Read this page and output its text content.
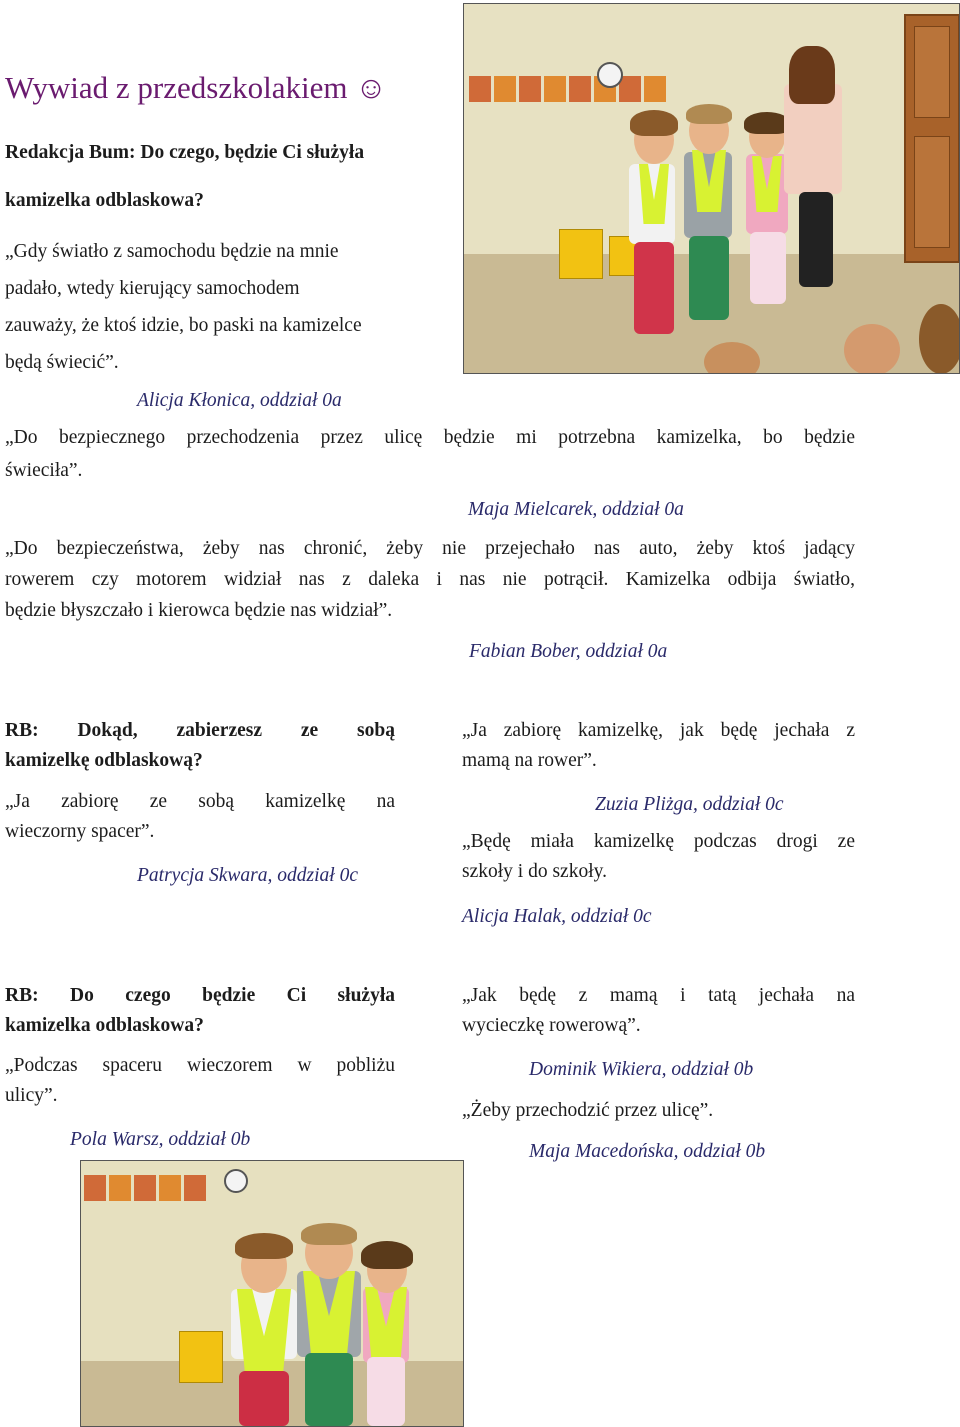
Wywiad z przedszkolakiem ☺

Redakcja Bum: Do czego, będzie Ci służyła

kamizelka odblaskowa?

„Gdy światło z samochodu będzie na mnie

padało, wtedy kierujący samochodem

zauważy, że ktoś idzie, bo paski na kamizelce

będą świecić”.

Alicja Kłonica, oddział 0a

„Do bezpiecznego przechodzenia przez ulicę będzie mi potrzebna kamizelka, bo będzie

świeciła”.

Maja Mielcarek, oddział 0a

„Do bezpieczeństwa, żeby nas chronić, żeby nie przejechało nas auto, żeby ktoś jadący

rowerem czy motorem widział nas z daleka i nas nie potrącił. Kamizelka odbija światło,

będzie błyszczało i kierowca będzie nas widział”.

Fabian Bober, oddział 0a

RB: Dokąd, zabierzesz ze sobą

kamizelkę odblaskową?

„Ja zabiorę ze sobą kamizelkę na

wieczorny spacer”.

Patrycja Skwara, oddział 0c

„Ja zabiorę kamizelkę, jak będę jechała z

mamą na rower”.

Zuzia Pliżga, oddział 0c

„Będę miała kamizelkę podczas drogi ze

szkoły i do szkoły.

Alicja Halak, oddział 0c

RB: Do czego będzie Ci służyła

kamizelka odblaskowa?

„Podczas spaceru wieczorem w pobliżu

ulicy”.

Pola Warsz, oddział 0b

„Jak będę z mamą i tatą jechała na

wycieczkę rowerową”.

Dominik Wikiera, oddział 0b
„Żeby przechodzić przez ulicę”.
Maja Macedońska, oddział 0b
